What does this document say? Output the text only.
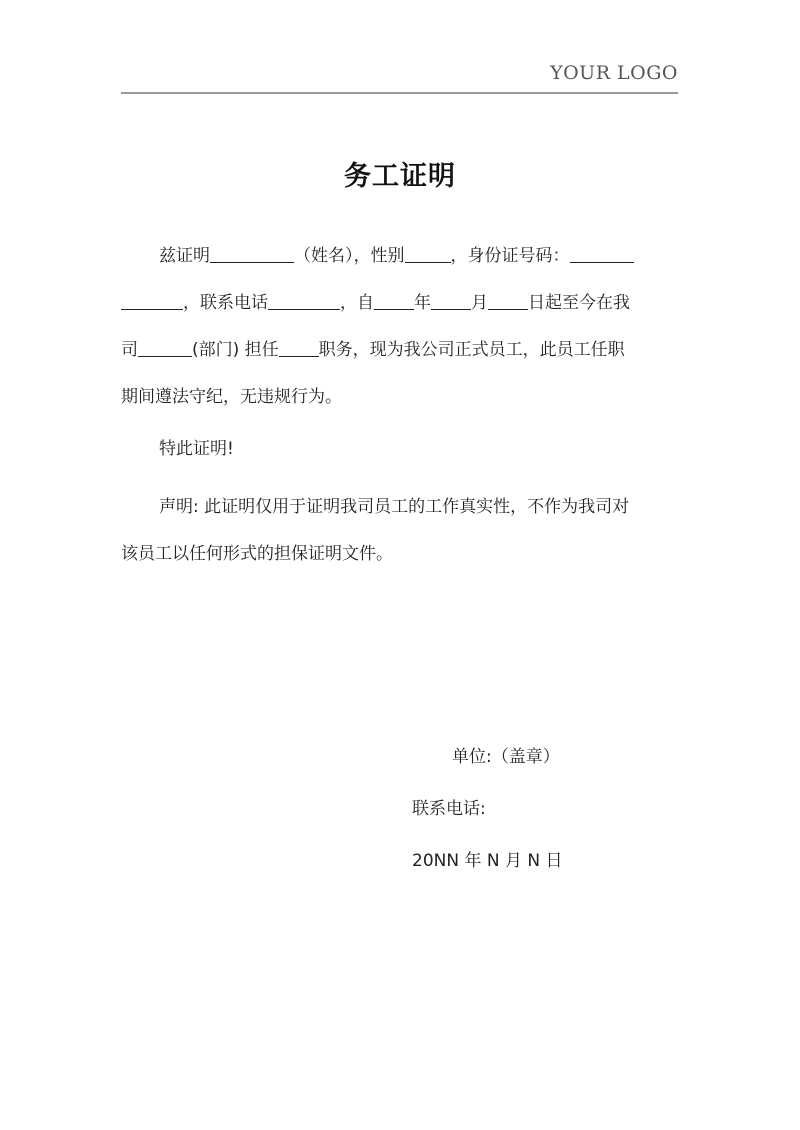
YOUR LOGO
务工证明
兹证明	（姓名），性别	，身份证号码：
，联系电话	，自 年 月 日起至今在我
司	(部门) 担任 职务，现为我公司正式员工，此员工任职
期间遵法守纪，无违规行为。
特此证明!
声明: 此证明仅用于证明我司员工的工作真实性，不作为我司对
该员工以任何形式的担保证明文件。
单位:（盖章）
联系电话:
20NN 年 N 月 N 日
